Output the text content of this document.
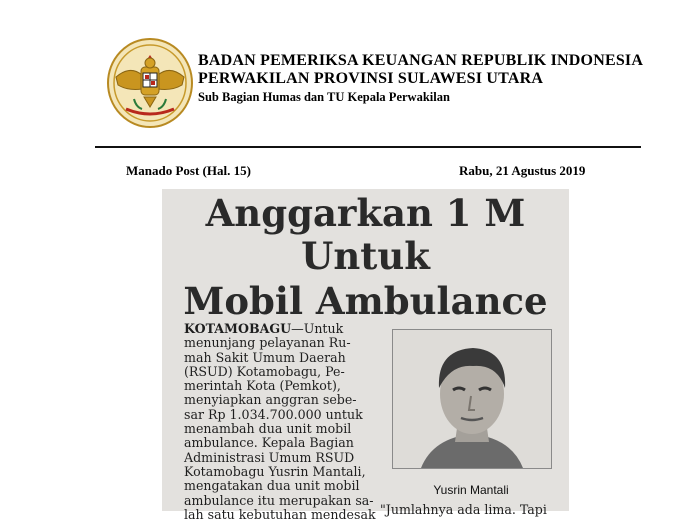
BADAN PEMERIKSA KEUANGAN REPUBLIK INDONESIA
PERWAKILAN PROVINSI SULAWESI UTARA
Sub Bagian Humas dan TU Kepala Perwakilan
Manado Post (Hal. 15)	Rabu, 21 Agustus 2019
Anggarkan 1 M
Untuk
Mobil Ambulance
KOTAMOBAGU—Untuk
menunjang pelayanan Ru-
mah Sakit Umum Daerah
(RSUD) Kotamobagu, Pe-
merintah Kota (Pemkot),
menyiapkan anggran sebe-
sar Rp 1.034.700.000 untuk
menambah dua unit mobil
ambulance. Kepala Bagian
Administrasi Umum RSUD
Kotamobagu Yusrin Mantali,
mengatakan dua unit mobil
ambulance itu merupakan sa-
lah satu kebutuhan mendesak
Yusrin Mantali
"Jumlahnya ada lima. Tapi
